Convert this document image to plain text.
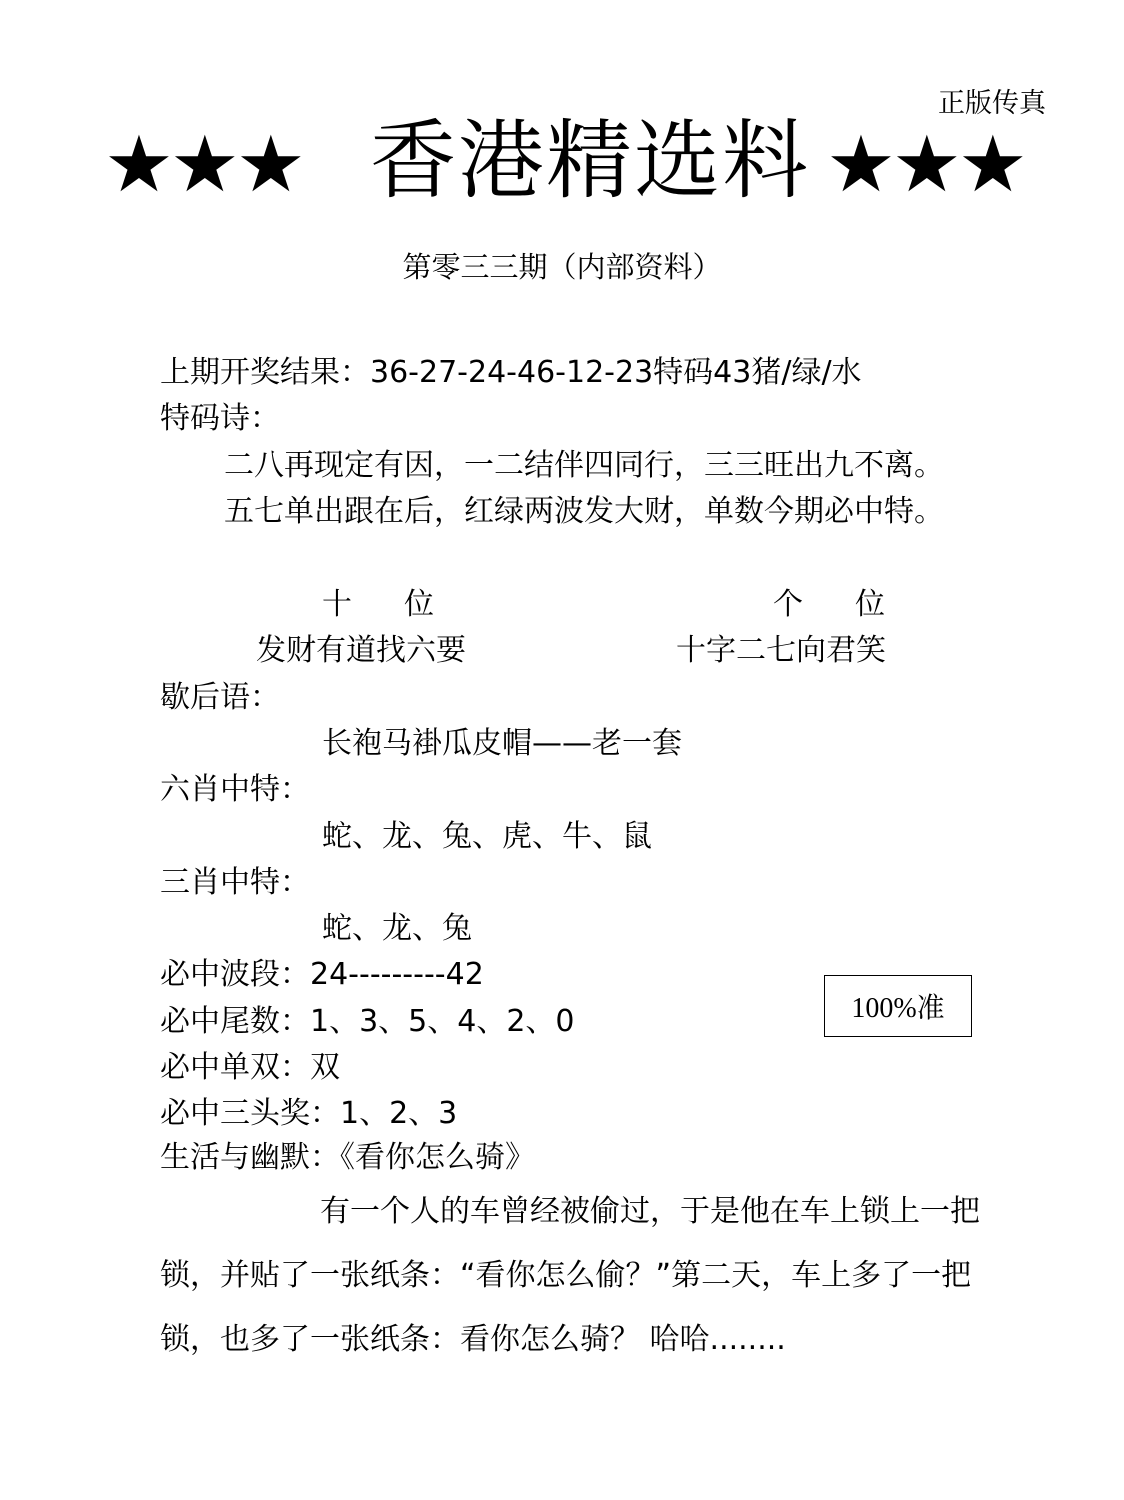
正版传真
★★★ 香港精选料 ★★★
第零三三期（内部资料）
上期开奖结果：36-27-24-46-12-23特码43猪/绿/水
特码诗：
二八再现定有因，一二结伴四同行，三三旺出九不离。
五七单出跟在后，红绿两波发大财，单数今期必中特。
十位	个位
发财有道找六要	十字二七向君笑
歇后语：
长袍马褂瓜皮帽——老一套
六肖中特：
蛇、龙、兔、虎、牛、鼠
三肖中特：
蛇、龙、兔
必中波段：24---------42
必中尾数：1、3、5、4、2、0
必中单双：双
必中三头奖：1、2、3
100%准
生活与幽默：《看你怎么骑》
有一个人的车曾经被偷过，于是他在车上锁上一把锁，并贴了一张纸条：“看你怎么偷？”第二天，车上多了一把锁，也多了一张纸条：看你怎么骑？ 哈哈........
